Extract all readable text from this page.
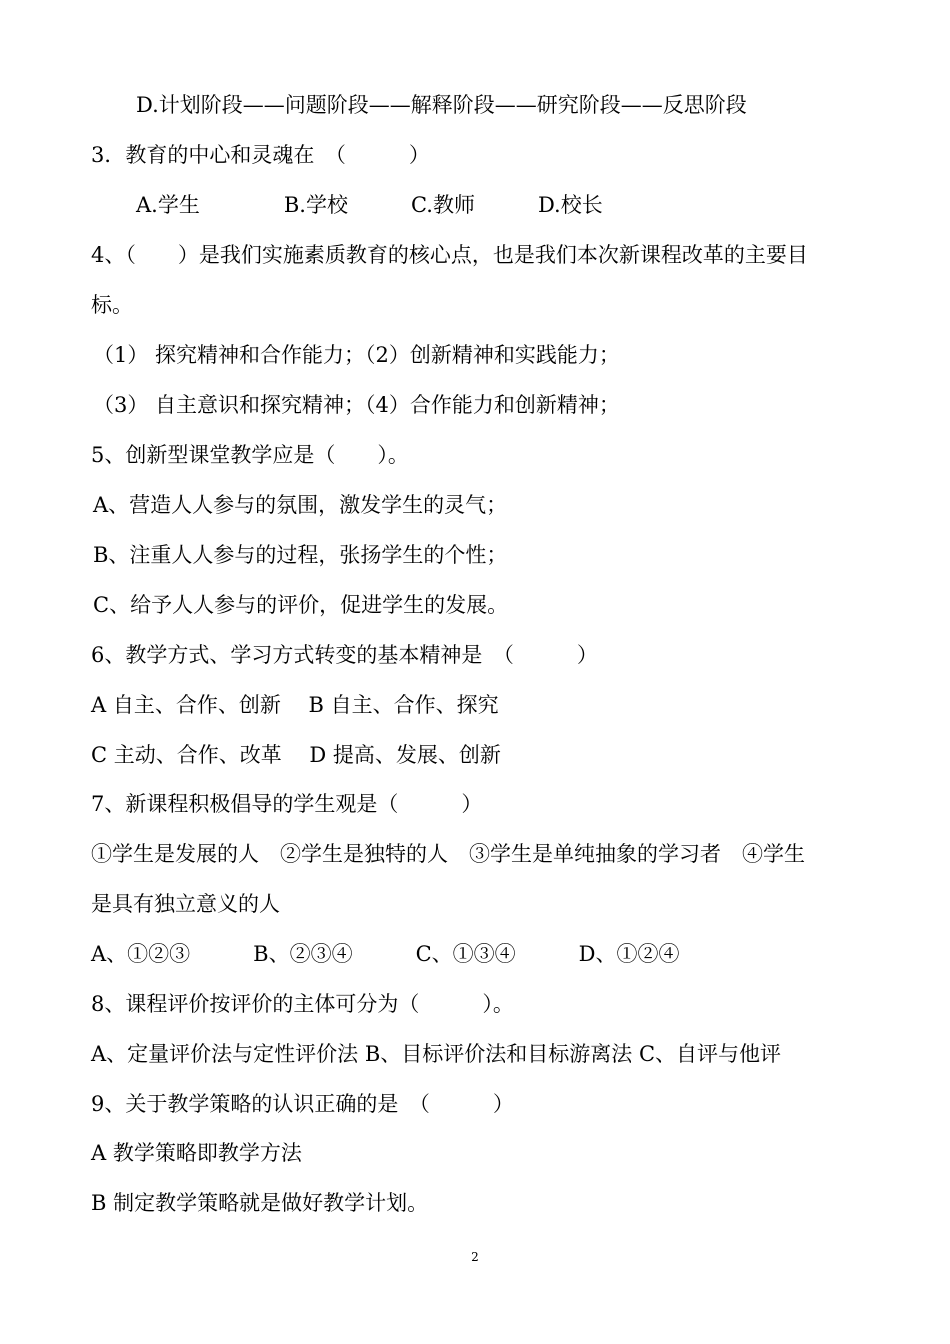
D.计划阶段——问题阶段——解释阶段——研究阶段——反思阶段
3．教育的中心和灵魂在　（　　　）
A.学生　　　　B.学校　　　C.教师　　　D.校长
4、（　　）是我们实施素质教育的核心点，也是我们本次新课程改革的主要目
标。
（1） 探究精神和合作能力；（2）创新精神和实践能力；
（3） 自主意识和探究精神；（4）合作能力和创新精神；
5、创新型课堂教学应是（　　）。
A、营造人人参与的氛围，激发学生的灵气；
B、注重人人参与的过程，张扬学生的个性；
C、给予人人参与的评价，促进学生的发展。
6、教学方式、学习方式转变的基本精神是　（　　　）
A 自主、合作、创新　 B 自主、合作、探究
C 主动、合作、改革　 D 提高、发展、创新
7、新课程积极倡导的学生观是（　　　）
①学生是发展的人　②学生是独特的人　③学生是单纯抽象的学习者　④学生
是具有独立意义的人
A、①②③　　　B、②③④　　　C、①③④　　　D、①②④
8、课程评价按评价的主体可分为（　　　）。
A、定量评价法与定性评价法 B、目标评价法和目标游离法 C、自评与他评
9、关于教学策略的认识正确的是　（　　　）
A 教学策略即教学方法
B 制定教学策略就是做好教学计划。
2
